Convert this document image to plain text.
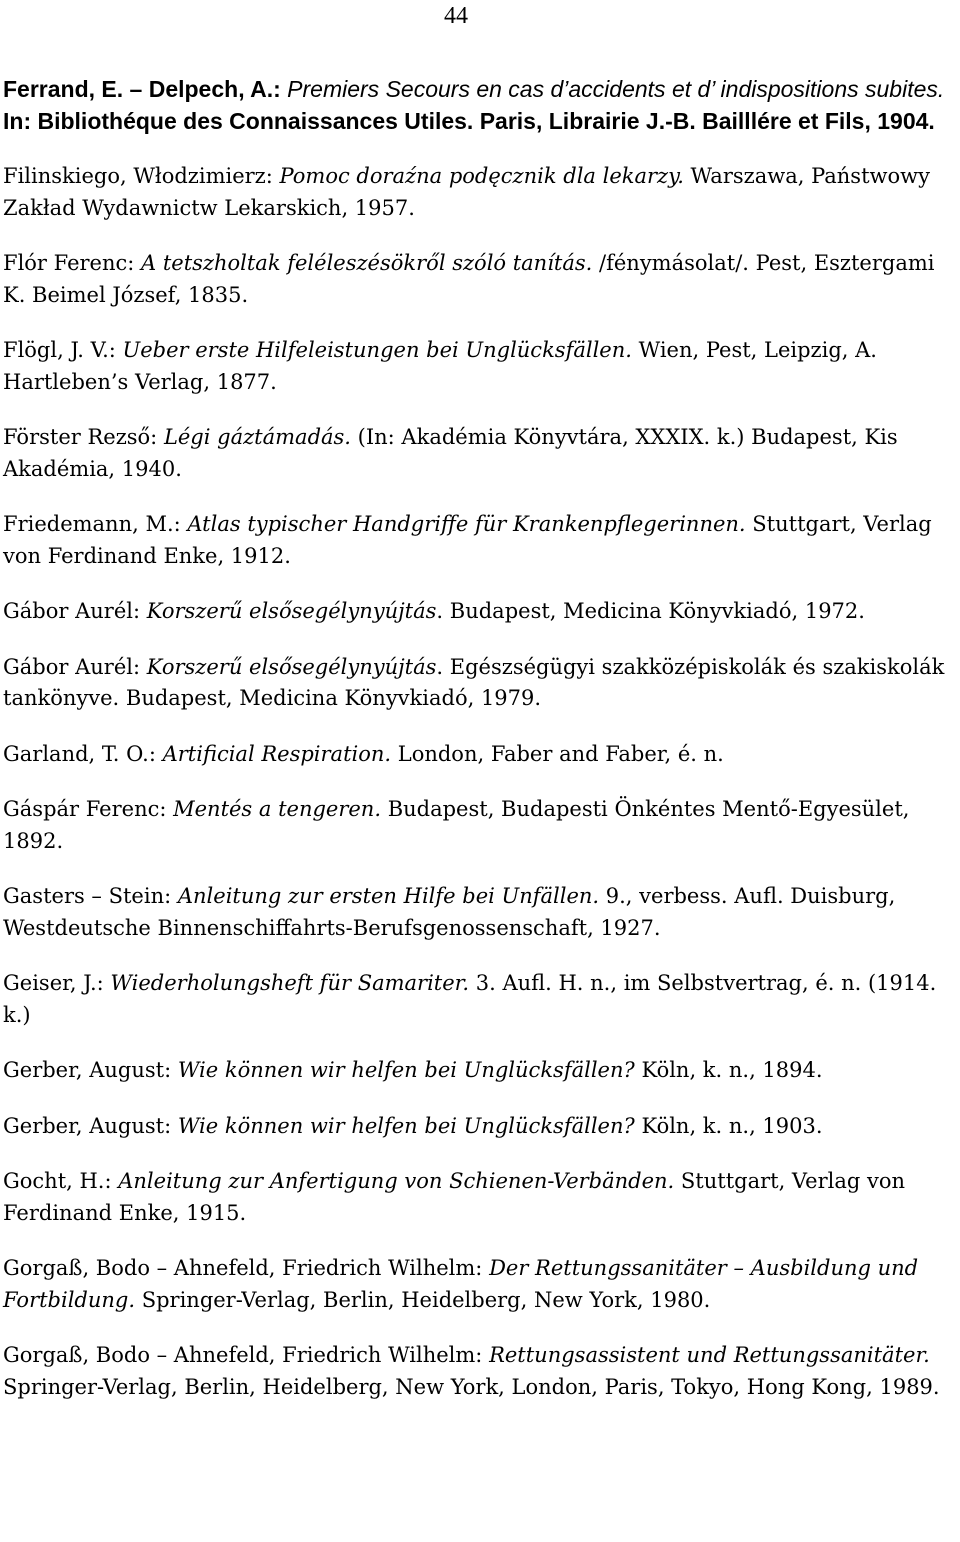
44

Ferrand, E. – Delpech, A.: Premiers Secours en cas d’accidents et d’ indispositions subites. In: Bibliothéque des Connaissances Utiles. Paris, Librairie J.-B. Bailllére et Fils, 1904.

Filinskiego, Włodzimierz: Pomoc doraźna podęcznik dla lekarzy. Warszawa, Państwowy Zakład Wydawnictw Lekarskich, 1957.

Flór Ferenc: A tetszholtak feléleszésökről szóló tanítás. /fénymásolat/. Pest, Esztergami K. Beimel József, 1835.

Flögl, J. V.: Ueber erste Hilfeleistungen bei Unglücksfällen. Wien, Pest, Leipzig, A. Hartleben’s Verlag, 1877.

Förster Rezső: Légi gáztámadás. (In: Akadémia Könyvtára, XXXIX. k.) Budapest, Kis Akadémia, 1940.

Friedemann, M.: Atlas typischer Handgriffe für Krankenpflegerinnen. Stuttgart, Verlag von Ferdinand Enke, 1912.

Gábor Aurél: Korszerű elsősegélynyújtás. Budapest, Medicina Könyvkiadó, 1972.

Gábor Aurél: Korszerű elsősegélynyújtás. Egészségügyi szakközépiskolák és szakiskolák tankönyve. Budapest, Medicina Könyvkiadó, 1979.

Garland, T. O.: Artificial Respiration. London, Faber and Faber, é. n.

Gáspár Ferenc: Mentés a tengeren. Budapest, Budapesti Önkéntes Mentő-Egyesület, 1892.

Gasters – Stein: Anleitung zur ersten Hilfe bei Unfällen. 9., verbess. Aufl. Duisburg, Westdeutsche Binnenschiffahrts-Berufsgenossenschaft, 1927.

Geiser, J.: Wiederholungsheft für Samariter. 3. Aufl. H. n., im Selbstvertrag, é. n. (1914. k.)

Gerber, August: Wie können wir helfen bei Unglücksfällen? Köln, k. n., 1894.

Gerber, August: Wie können wir helfen bei Unglücksfällen? Köln, k. n., 1903.

Gocht, H.: Anleitung zur Anfertigung von Schienen-Verbänden. Stuttgart, Verlag von Ferdinand Enke, 1915.

Gorgaß, Bodo – Ahnefeld, Friedrich Wilhelm: Der Rettungssanitäter – Ausbildung und Fortbildung. Springer-Verlag, Berlin, Heidelberg, New York, 1980.

Gorgaß, Bodo – Ahnefeld, Friedrich Wilhelm: Rettungsassistent und Rettungssanitäter. Springer-Verlag, Berlin, Heidelberg, New York, London, Paris, Tokyo, Hong Kong, 1989.
